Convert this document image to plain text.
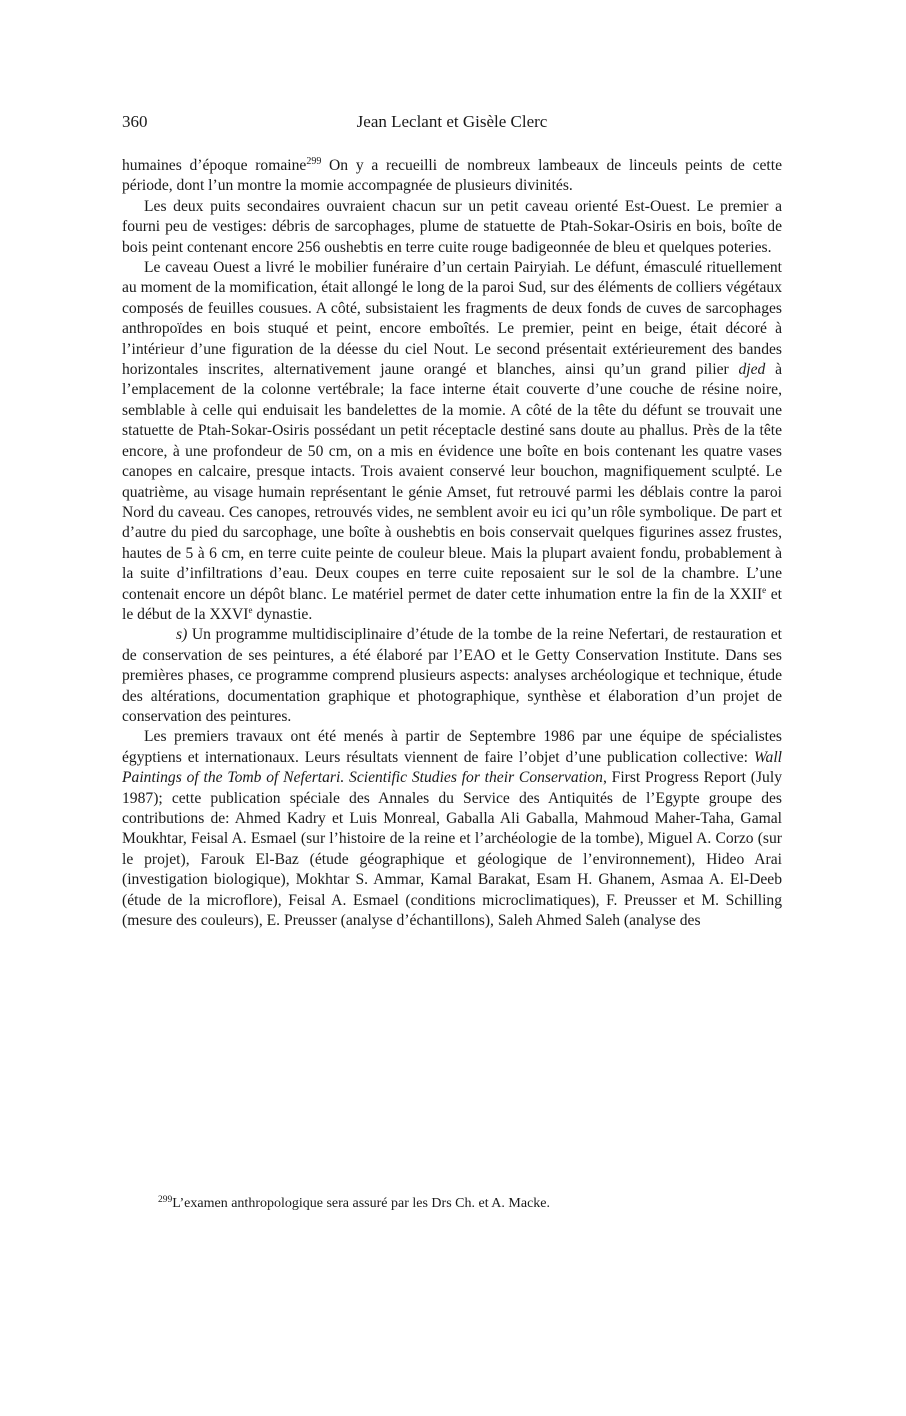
360	Jean Leclant et Gisèle Clerc

humaines d’époque romaine$^{299}$ On y a recueilli de nombreux lambeaux de linceuls peints de cette période, dont l’un montre la momie accompagnée de plusieurs divinités.

Les deux puits secondaires ouvraient chacun sur un petit caveau orienté Est-Ouest. Le premier a fourni peu de vestiges: débris de sarcophages, plume de statuette de Ptah-Sokar-Osiris en bois, boîte de bois peint contenant encore 256 oushebtis en terre cuite rouge badigeonnée de bleu et quelques poteries.

Le caveau Ouest a livré le mobilier funéraire d’un certain Pairyiah. Le défunt, émasculé rituellement au moment de la momification, était allongé le long de la paroi Sud, sur des éléments de colliers végétaux composés de feuilles cousues. A côté, subsistaient les fragments de deux fonds de cuves de sarcophages anthropoïdes en bois stuqué et peint, encore emboîtés. Le premier, peint en beige, était décoré à l’intérieur d’une figuration de la déesse du ciel Nout. Le second présentait extérieurement des bandes horizontales inscrites, alternativement jaune orangé et blanches, ainsi qu’un grand pilier djed à l’emplacement de la colonne vertébrale; la face interne était couverte d’une couche de résine noire, semblable à celle qui enduisait les bandelettes de la momie. A côté de la tête du défunt se trouvait une statuette de Ptah-Sokar-Osiris possédant un petit réceptacle destiné sans doute au phallus. Près de la tête encore, à une profondeur de 50 cm, on a mis en évidence une boîte en bois contenant les quatre vases canopes en calcaire, presque intacts. Trois avaient conservé leur bouchon, magnifiquement sculpté. Le quatrième, au visage humain représentant le génie Amset, fut retrouvé parmi les déblais contre la paroi Nord du caveau. Ces canopes, retrouvés vides, ne semblent avoir eu ici qu’un rôle symbolique. De part et d’autre du pied du sarcophage, une boîte à oushebtis en bois conservait quelques figurines assez frustes, hautes de 5 à 6 cm, en terre cuite peinte de couleur bleue. Mais la plupart avaient fondu, probablement à la suite d’infiltrations d’eau. Deux coupes en terre cuite reposaient sur le sol de la chambre. L’une contenait encore un dépôt blanc. Le matériel permet de dater cette inhumation entre la fin de la XXIIe et le début de la XXVIe dynastie.

s) Un programme multidisciplinaire d’étude de la tombe de la reine Nefertari, de restauration et de conservation de ses peintures, a été élaboré par l’EAO et le Getty Conservation Institute. Dans ses premières phases, ce programme comprend plusieurs aspects: analyses archéologique et technique, étude des altérations, documentation graphique et photographique, synthèse et élaboration d’un projet de conservation des peintures.

Les premiers travaux ont été menés à partir de Septembre 1986 par une équipe de spécialistes égyptiens et internationaux. Leurs résultats viennent de faire l’objet d’une publication collective: Wall Paintings of the Tomb of Nefertari. Scientific Studies for their Conservation, First Progress Report (July 1987); cette publication spéciale des Annales du Service des Antiquités de l’Egypte groupe des contributions de: Ahmed Kadry et Luis Monreal, Gaballa Ali Gaballa, Mahmoud Maher-Taha, Gamal Moukhtar, Feisal A. Esmael (sur l’histoire de la reine et l’archéologie de la tombe), Miguel A. Corzo (sur le projet), Farouk El-Baz (étude géographique et géologique de l’environnement), Hideo Arai (investigation biologique), Mokhtar S. Ammar, Kamal Barakat, Esam H. Ghanem, Asmaa A. El-Deeb (étude de la microflore), Feisal A. Esmael (conditions microclimatiques), F. Preusser et M. Schilling (mesure des couleurs), E. Preusser (analyse d’échantillons), Saleh Ahmed Saleh (analyse des

$^{299}$L’examen anthropologique sera assuré par les Drs Ch. et A. Macke.
